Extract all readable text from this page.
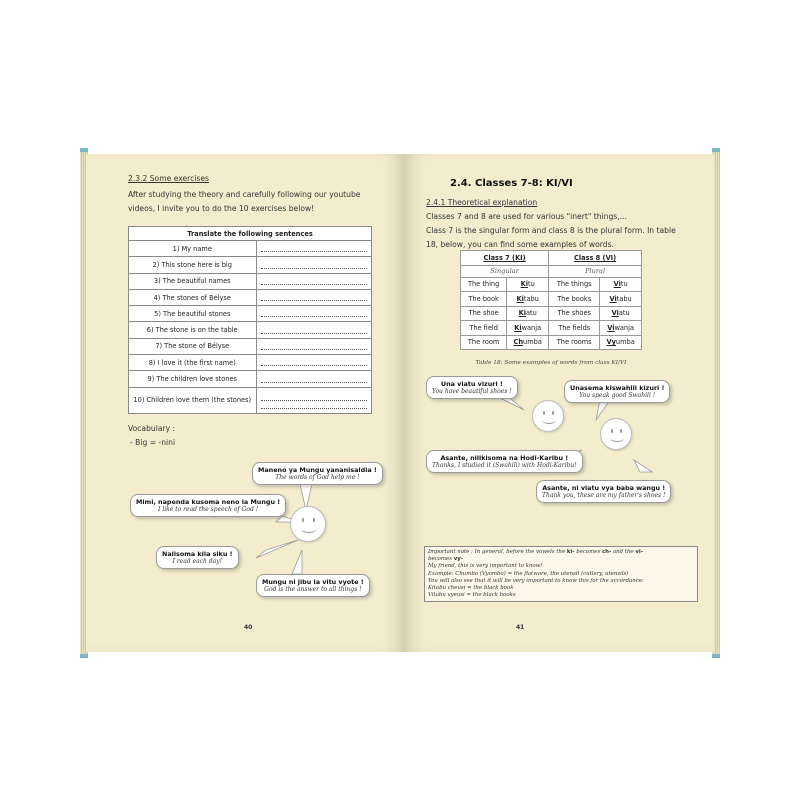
2.3.2 Some exercises
After studying the theory and carefully following our youtube
videos, I invite you to do the 10 exercises below!
Translate the following sentences	
1) My name	

2) This stone here is big	

3) The beautiful names	

4) The stones of Bélyse	

5) The beautiful stones	

6) The stone is on the table	

7) The stone of Bélyse	

8) I love it (the first name)	

9) The children love stones	

10) Children love them (the stones)	
Vocabulary :
- Big = -nini
Maneno ya Mungu yananisaidia !
The words of God help me !
Mimi, napenda kusoma neno la Mungu !
I like to read the speech of God !
Nalisoma kila siku !
I read each day!
Mungu ni jibu la vitu vyote !
God is the answer to all things !
40
2.4. Classes 7-8: KI/VI
2.4.1 Theoretical explanation
Classes 7 and 8 are used for various "inert" things,...
Class 7 is the singular form and class 8 is the plural form. In table
18, below, you can find some examples of words.
Class 7 (KI)		Class 8 (VI)	
Singular		Plural	
The thing	Kitu	The things	Vitu
The book	Kitabu	The books	Vitabu
The shoe	Kiatu	The shoes	Viatu
The field	Kiwanja	The fields	Viwanja
The room	Chumba	The rooms	Vyumba
Table 18: Some examples of words from class KI/VI
Una viatu vizuri !
You have beautiful shoes !	Unasema kiswahili kizuri !
You speak good Swahili !
Asante, nilikisoma na Hodi-Karibu !
Thanks, I studied it (Swahili) with Hodi-Karibu!
Asante, ni viatu vya baba wangu !
Thank you, these are my father's shoes !
Important note : In general, before the vowels the ki- becomes ch- and the vi-
becomes vy-
My friend, this is very important to know!
Example: Chumbo (Vyombo) = the flatware, the utensil (cutlery, utensils)
You will also see that it will be very important to know this for the accordance:
Kitabu cheusi = the black book
Vitabu vyeusi = the black books
41
